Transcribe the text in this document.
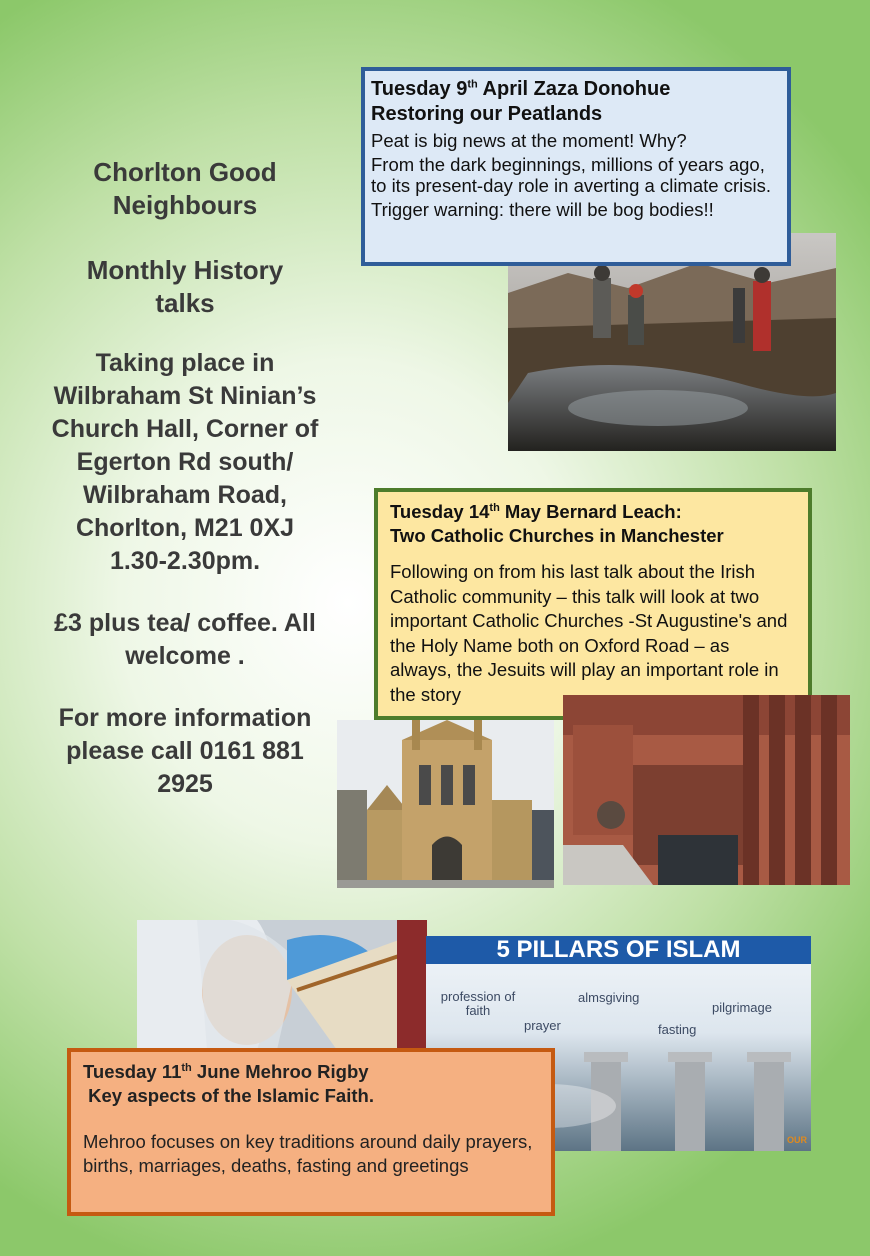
Chorlton Good

Neighbours

Monthly History

talks

Taking place in

Wilbraham St Ninian’s

Church Hall, Corner of

Egerton Rd south/

Wilbraham Road,

Chorlton, M21 0XJ

1.30-2.30pm.

£3 plus tea/ coffee. All

welcome .

For more information

please call 0161 881

2925

Tuesday 9th April Zaza Donohue
Restoring our Peatlands
Peat is big news at the moment! Why?
From the dark beginnings, millions of years ago, to its present-day role in averting a climate crisis.
Trigger warning: there will be bog bodies!!
Tuesday 14th May Bernard Leach:
Two Catholic Churches in Manchester
Following on from his last talk about the Irish Catholic community – this talk will look at two important Catholic Churches -St Augustine's and the Holy Name both on Oxford Road – as always, the Jesuits will play an important role in the story
5 PILLARS OF ISLAM
profession of faith
almsgiving
pilgrimage
prayer	fasting
OUR
Tuesday 11th June Mehroo Rigby
Key aspects of the Islamic Faith.
Mehroo focuses on key traditions around daily prayers, births, marriages, deaths, fasting and greetings
